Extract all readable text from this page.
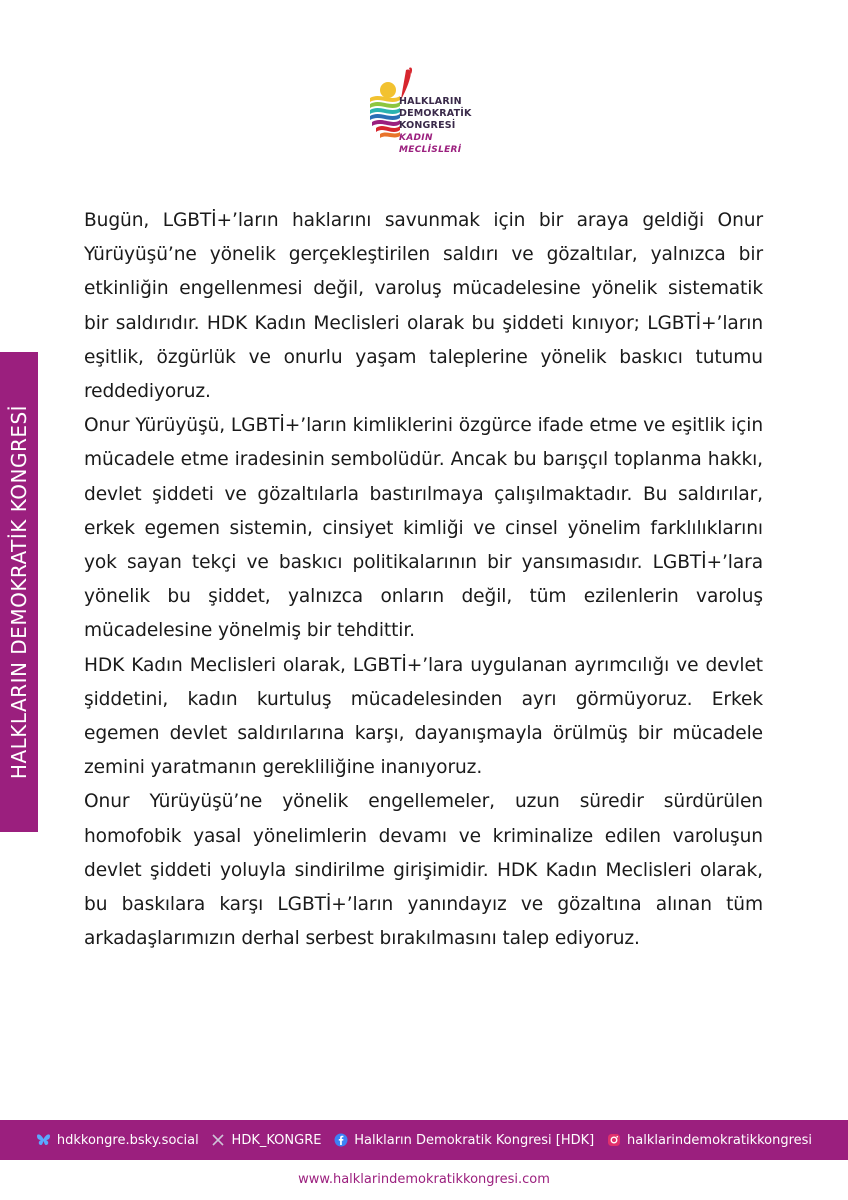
HALKLARIN
DEMOKRATİK
KONGRESİ
KADIN MECLİSLERİ
HALKLARIN DEMOKRATİK KONGRESİ

Bugün, LGBTİ+’ların haklarını savunmak için bir araya geldiği Onur Yürüyüşü’ne yönelik gerçekleştirilen saldırı ve gözaltılar, yalnızca bir etkinliğin engellenmesi değil, varoluş mücadelesine yönelik sistematik bir saldırıdır. HDK Kadın Meclisleri olarak bu şiddeti kınıyor; LGBTİ+’ların eşitlik, özgürlük ve onurlu yaşam taleplerine yönelik baskıcı tutumu reddediyoruz.

Onur Yürüyüşü, LGBTİ+’ların kimliklerini özgürce ifade etme ve eşitlik için mücadele etme iradesinin sembolüdür. Ancak bu barışçıl toplanma hakkı, devlet şiddeti ve gözaltılarla bastırılmaya çalışılmaktadır. Bu saldırılar, erkek egemen sistemin, cinsiyet kimliği ve cinsel yönelim farklılıklarını yok sayan tekçi ve baskıcı politikalarının bir yansımasıdır. LGBTİ+’lara yönelik bu şiddet, yalnızca onların değil, tüm ezilenlerin varoluş mücadelesine yönelmiş bir tehdittir.

HDK Kadın Meclisleri olarak, LGBTİ+’lara uygulanan ayrımcılığı ve devlet şiddetini, kadın kurtuluş mücadelesinden ayrı görmüyoruz. Erkek egemen devlet saldırılarına karşı, dayanışmayla örülmüş bir mücadele zemini yaratmanın gerekliliğine inanıyoruz.

Onur Yürüyüşü’ne yönelik engellemeler, uzun süredir sürdürülen homofobik yasal yönelimlerin devamı ve kriminalize edilen varoluşun devlet şiddeti yoluyla sindirilme girişimidir. HDK Kadın Meclisleri olarak, bu baskılara karşı LGBTİ+’ların yanındayız ve gözaltına alınan tüm arkadaşlarımızın derhal serbest bırakılmasını talep ediyoruz.

hdkkongre.bsky.social	HDK_KONGRE	Halkların Demokratik Kongresi [HDK]	halklarindemokratikkongresi
www.halklarindemokratikkongresi.com
